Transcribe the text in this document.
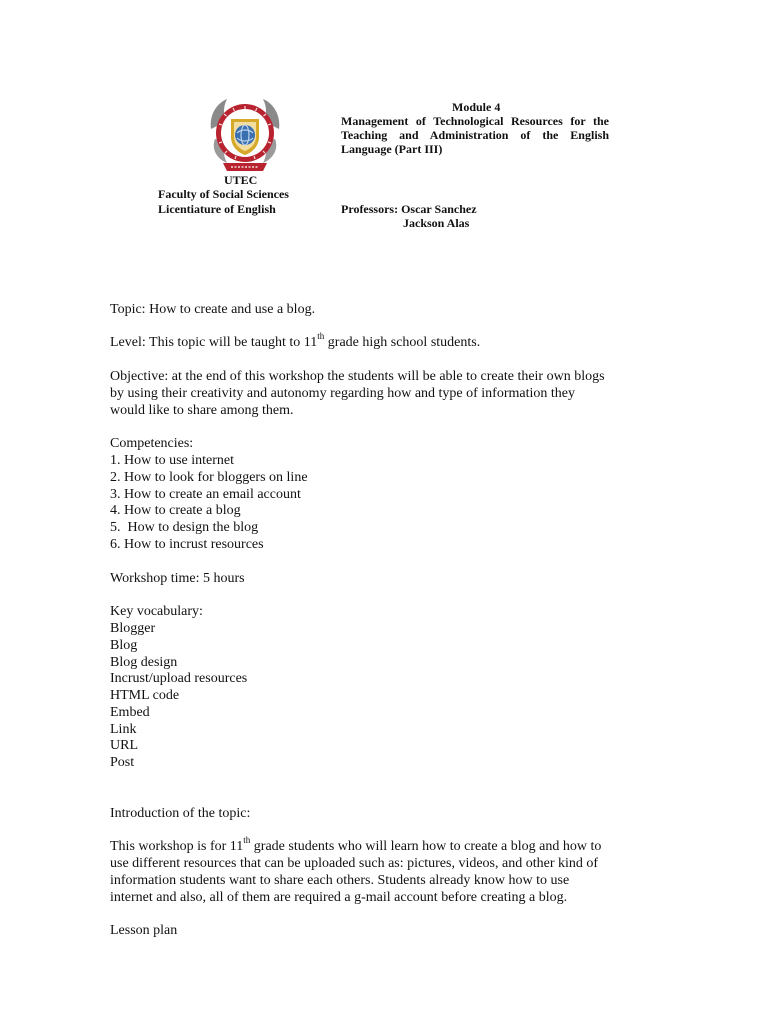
Module 4
Management of Technological Resources for the
Teaching and Administration of the English
Language (Part III)
UTEC
Faculty of Social Sciences
Licentiature of English	Professors: Oscar Sanchez
Jackson Alas
Topic: How to create and use a blog.
Level: This topic will be taught to 11th grade high school students.
Objective: at the end of this workshop the students will be able to create their own blogs
by using their creativity and autonomy regarding how and type of information they
would like to share among them.
Competencies:
1. How to use internet
2. How to look for bloggers on line
3. How to create an email account
4. How to create a blog
5.  How to design the blog
6. How to incrust resources
Workshop time: 5 hours
Key vocabulary:
Blogger
Blog
Blog design
Incrust/upload resources
HTML code
Embed
Link
URL
Post
Introduction of the topic:
This workshop is for 11th grade students who will learn how to create a blog and how to
use different resources that can be uploaded such as: pictures, videos, and other kind of
information students want to share each others. Students already know how to use
internet and also, all of them are required a g-mail account before creating a blog.
Lesson plan
